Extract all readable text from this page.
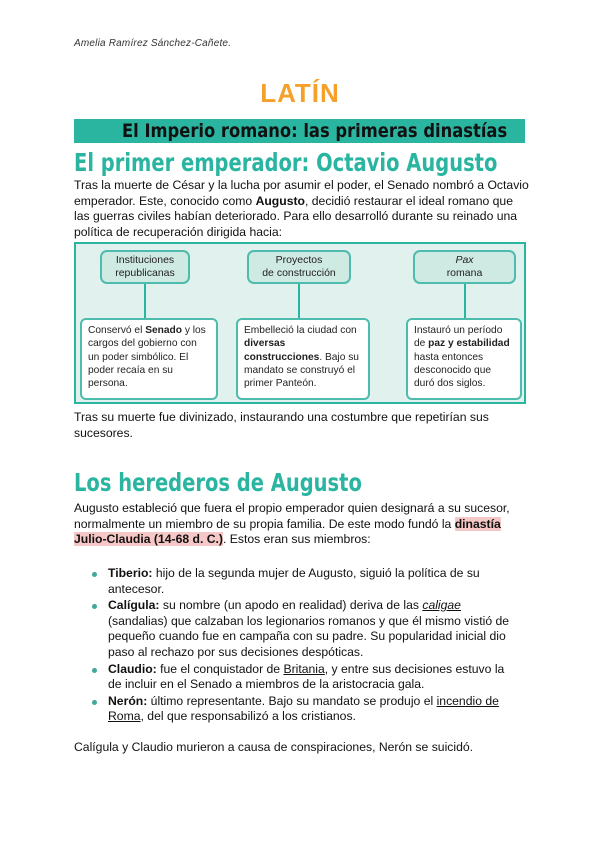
Amelia Ramírez Sánchez-Cañete.
LATÍN
El Imperio romano: las primeras dinastías
El primer emperador: Octavio Augusto

Tras la muerte de César y la lucha por asumir el poder, el Senado nombró a Octavio emperador. Este, conocido como Augusto, decidió restaurar el ideal romano que las guerras civiles habían deteriorado. Para ello desarrolló durante su reinado una política de recuperación dirigida hacia:

Instituciones
republicanas
Proyectos
de construcción
Pax
romana
Conservó el Senado y los cargos del gobierno con un poder simbólico. El poder recaía en su persona.
Embelleció la ciudad con diversas construcciones. Bajo su mandato se construyó el primer Panteón.
Instauró un período de paz y estabilidad hasta entonces desconocido que duró dos siglos.

Tras su muerte fue divinizado, instaurando una costumbre que repetirían sus sucesores.

Los herederos de Augusto

Augusto estableció que fuera el propio emperador quien designará a su sucesor, normalmente un miembro de su propia familia. De este modo fundó la dinastía Julio-Claudia (14-68 d. C.). Estos eran sus miembros:

Tiberio: hijo de la segunda mujer de Augusto, siguió la política de su antecesor.
Calígula: su nombre (un apodo en realidad) deriva de las caligae (sandalias) que calzaban los legionarios romanos y que él mismo vistió de pequeño cuando fue en campaña con su padre. Su popularidad inicial dio paso al rechazo por sus decisiones despóticas.
Claudio: fue el conquistador de Britania, y entre sus decisiones estuvo la de incluir en el Senado a miembros de la aristocracia gala.
Nerón: último representante. Bajo su mandato se produjo el incendio de Roma, del que responsabilizó a los cristianos.

Calígula y Claudio murieron a causa de conspiraciones, Nerón se suicidó.
